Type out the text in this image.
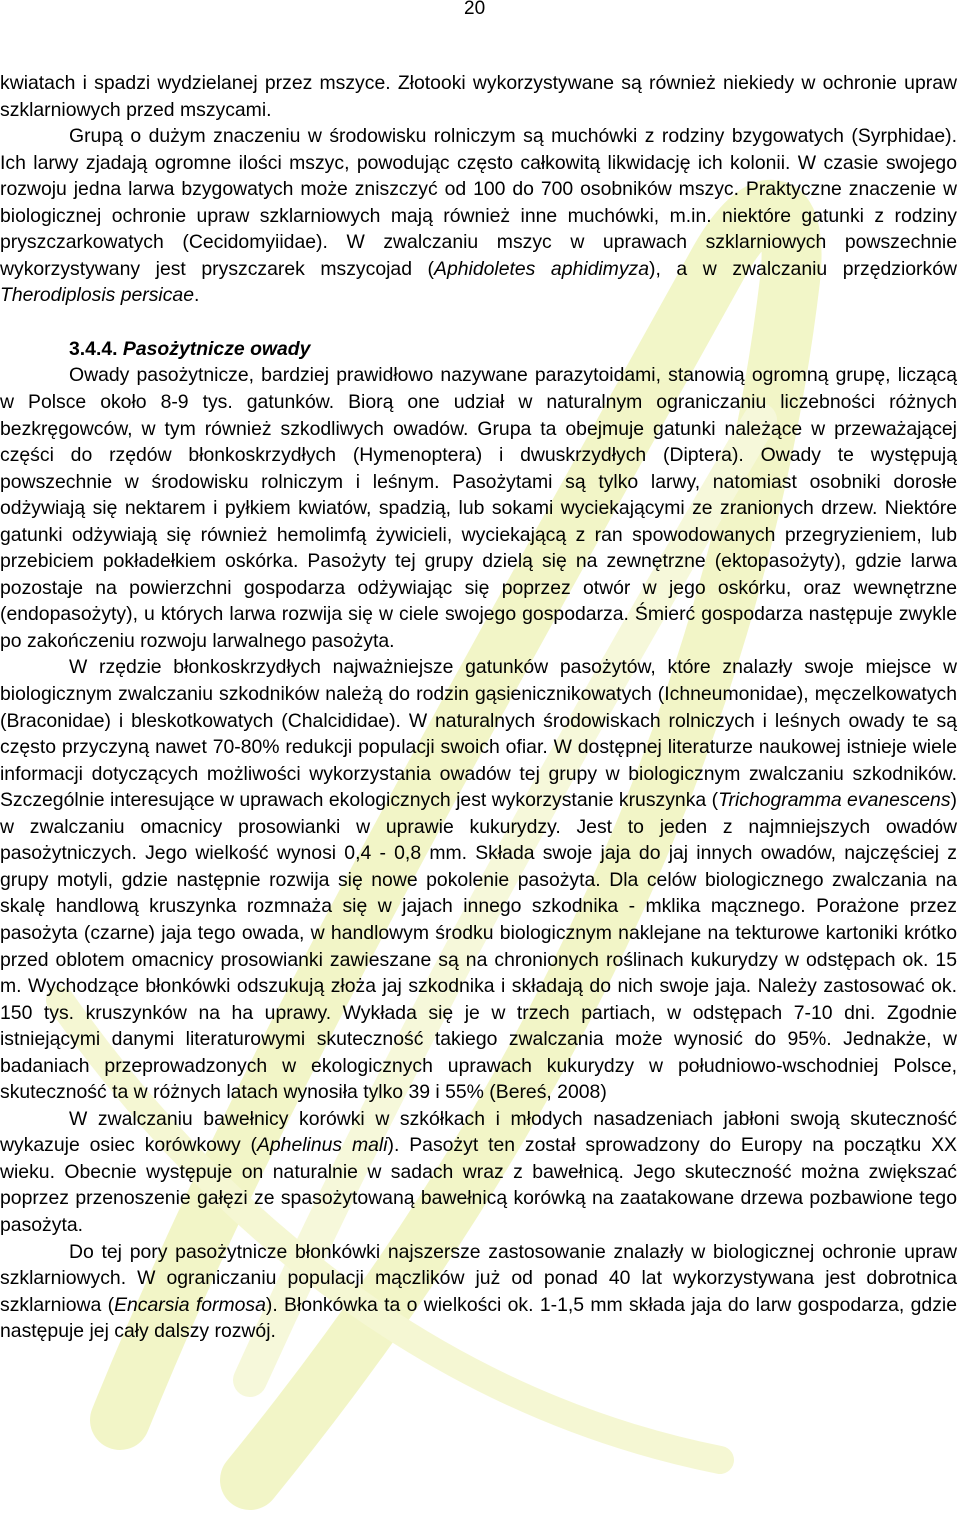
20

kwiatach i spadzi wydzielanej przez mszyce. Złotooki wykorzystywane są również niekiedy w ochronie upraw szklarniowych przed mszycami.

Grupą o dużym znaczeniu w środowisku rolniczym są muchówki z rodziny bzygowatych (Syrphidae). Ich larwy zjadają ogromne ilości mszyc, powodując często całkowitą likwidację ich kolonii. W czasie swojego rozwoju jedna larwa bzygowatych może zniszczyć od 100 do 700 osobników mszyc. Praktyczne znaczenie w biologicznej ochronie upraw szklarniowych mają również inne muchówki, m.in. niektóre gatunki z rodziny pryszczarkowatych (Cecidomyiidae). W zwalczaniu mszyc w uprawach szklarniowych powszechnie wykorzystywany jest pryszczarek mszycojad (Aphidoletes aphidimyza), a w zwalczaniu przędziorków Therodiplosis persicae.

3.4.4. Pasożytnicze owady

Owady pasożytnicze, bardziej prawidłowo nazywane parazytoidami, stanowią ogromną grupę, liczącą w Polsce około 8-9 tys. gatunków. Biorą one udział w naturalnym ograniczaniu liczebności różnych bezkręgowców, w tym również szkodliwych owadów. Grupa ta obejmuje gatunki należące w przeważającej części do rzędów błonkoskrzydłych (Hymenoptera) i dwuskrzydłych (Diptera). Owady te występują powszechnie w środowisku rolniczym i leśnym. Pasożytami są tylko larwy, natomiast osobniki dorosłe odżywiają się nektarem i pyłkiem kwiatów, spadzią, lub sokami wyciekającymi ze zranionych drzew. Niektóre gatunki odżywiają się również hemolimfą żywicieli, wyciekającą z ran spowodowanych przegryzieniem, lub przebiciem pokładełkiem oskórka. Pasożyty tej grupy dzielą się na zewnętrzne (ektopasożyty), gdzie larwa pozostaje na powierzchni gospodarza odżywiając się poprzez otwór w jego oskórku, oraz wewnętrzne (endopasożyty), u których larwa rozwija się w ciele swojego gospodarza. Śmierć gospodarza następuje zwykle po zakończeniu rozwoju larwalnego pasożyta.

W rzędzie błonkoskrzydłych najważniejsze gatunków pasożytów, które znalazły swoje miejsce w biologicznym zwalczaniu szkodników należą do rodzin gąsienicznikowatych (Ichneumonidae), męczelkowatych (Braconidae) i bleskotkowatych (Chalcididae). W naturalnych środowiskach rolniczych i leśnych owady te są często przyczyną nawet 70-80% redukcji populacji swoich ofiar. W dostępnej literaturze naukowej istnieje wiele informacji dotyczących możliwości wykorzystania owadów tej grupy w biologicznym zwalczaniu szkodników. Szczególnie interesujące w uprawach ekologicznych jest wykorzystanie kruszynka (Trichogramma evanescens) w zwalczaniu omacnicy prosowianki w uprawie kukurydzy. Jest to jeden z najmniejszych owadów pasożytniczych. Jego wielkość wynosi 0,4 - 0,8 mm. Składa swoje jaja do jaj innych owadów, najczęściej z grupy motyli, gdzie następnie rozwija się nowe pokolenie pasożyta. Dla celów biologicznego zwalczania na skalę handlową kruszynka rozmnaża się w jajach innego szkodnika - mklika mącznego. Porażone przez pasożyta (czarne) jaja tego owada, w handlowym środku biologicznym naklejane na tekturowe kartoniki krótko przed oblotem omacnicy prosowianki zawieszane są na chronionych roślinach kukurydzy w odstępach ok. 15 m. Wychodzące błonkówki odszukują złoża jaj szkodnika i składają do nich swoje jaja. Należy zastosować ok. 150 tys. kruszynków na ha uprawy. Wykłada się je w trzech partiach, w odstępach 7-10 dni. Zgodnie istniejącymi danymi literaturowymi skuteczność takiego zwalczania może wynosić do 95%. Jednakże, w badaniach przeprowadzonych w ekologicznych uprawach kukurydzy w południowo-wschodniej Polsce, skuteczność ta w różnych latach wynosiła tylko 39 i 55% (Bereś, 2008)

W zwalczaniu bawełnicy korówki w szkółkach i młodych nasadzeniach jabłoni swoją skuteczność wykazuje osiec korówkowy (Aphelinus mali). Pasożyt ten został sprowadzony do Europy na początku XX wieku. Obecnie występuje on naturalnie w sadach wraz z bawełnicą. Jego skuteczność można zwiększać poprzez przenoszenie gałęzi ze spasożytowaną bawełnicą korówką na zaatakowane drzewa pozbawione tego pasożyta.

Do tej pory pasożytnicze błonkówki najszersze zastosowanie znalazły w biologicznej ochronie upraw szklarniowych. W ograniczaniu populacji mączlików już od ponad 40 lat wykorzystywana jest dobrotnica szklarniowa (Encarsia formosa). Błonkówka ta o wielkości ok. 1-1,5 mm składa jaja do larw gospodarza, gdzie następuje jej cały dalszy rozwój.
